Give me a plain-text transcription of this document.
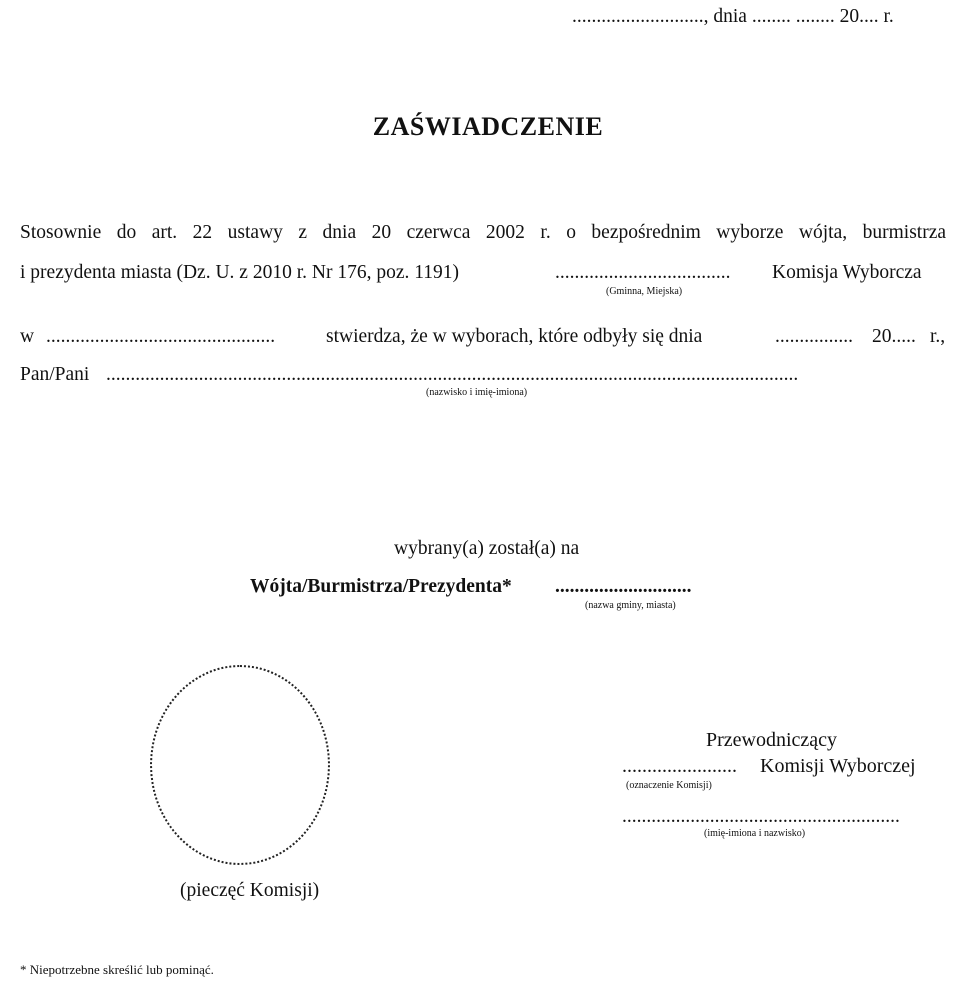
..........................., dnia ........ ........ 20.... r.
ZAŚWIADCZENIE
Stosownie do art. 22 ustawy z dnia 20 czerwca 2002 r. o bezpośrednim wyborze wójta, burmistrza
i prezydenta miasta (Dz. U. z 2010 r. Nr 176, poz. 1191)	.................................... Komisja Wyborcza
(Gminna, Miejska)
w ...............................................	stwierdza, że w wyborach, które odbyły się dnia	................ 20..... r.,
Pan/Pani ..............................................................................................................................................
(nazwisko i imię-imiona)
wybrany(a) został(a) na
Wójta/Burmistrza/Prezydenta* ............................
(nazwa gminy, miasta)
(pieczęć Komisji)
Przewodniczący
....................... Komisji Wyborczej
(oznaczenie Komisji)
.........................................................
(imię-imiona i nazwisko)
* Niepotrzebne skreślić lub pominąć.
